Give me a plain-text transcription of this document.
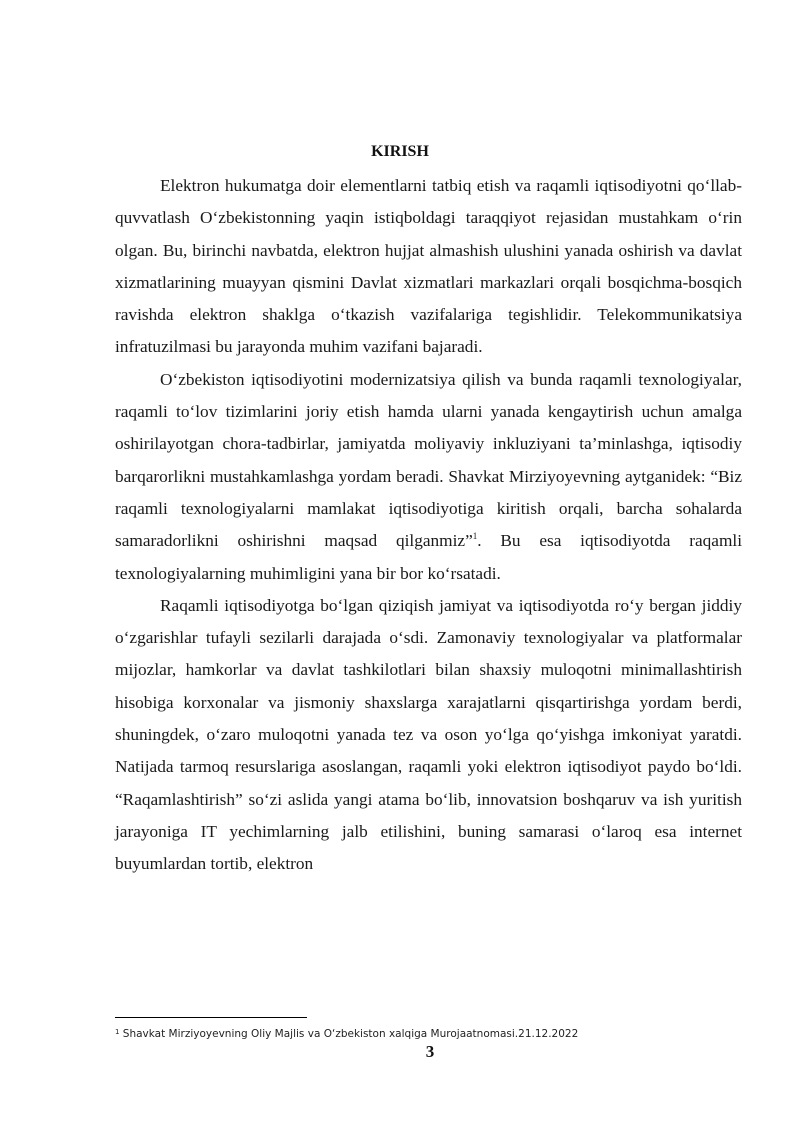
KIRISH

Elektron hukumatga doir elementlarni tatbiq etish va raqamli iqtisodiyotni qo‘llab-quvvatlash O‘zbekistonning yaqin istiqboldagi taraqqiyot rejasidan mustahkam o‘rin olgan. Bu, birinchi navbatda, elektron hujjat almashish ulushini yanada oshirish va davlat xizmatlarining muayyan qismini Davlat xizmatlari markazlari orqali bosqichma-bosqich ravishda elektron shaklga o‘tkazish vazifalariga tegishlidir. Telekommunikatsiya infratuzilmasi bu jarayonda muhim vazifani bajaradi.

O‘zbekiston iqtisodiyotini modernizatsiya qilish va bunda raqamli texnologiyalar, raqamli to‘lov tizimlarini joriy etish hamda ularni yanada kengaytirish uchun amalga oshirilayotgan chora-tadbirlar, jamiyatda moliyaviy inkluziyani ta’minlashga, iqtisodiy barqarorlikni mustahkamlashga yordam beradi. Shavkat Mirziyoyevning aytganidek: “Biz raqamli texnologiyalarni mamlakat iqtisodiyotiga kiritish orqali, barcha sohalarda samaradorlikni oshirishni maqsad qilganmiz”$^1$. Bu esa iqtisodiyotda raqamli texnologiyalarning muhimligini yana bir bor ko‘rsatadi.

Raqamli iqtisodiyotga bo‘lgan qiziqish jamiyat va iqtisodiyotda ro‘y bergan jiddiy o‘zgarishlar tufayli sezilarli darajada o‘sdi. Zamonaviy texnologiyalar va platformalar mijozlar, hamkorlar va davlat tashkilotlari bilan shaxsiy muloqotni minimallashtirish hisobiga korxonalar va jismoniy shaxslarga xarajatlarni qisqartirishga yordam berdi, shuningdek, o‘zaro muloqotni yanada tez va oson yo‘lga qo‘yishga imkoniyat yaratdi. Natijada tarmoq resurslariga asoslangan, raqamli yoki elektron iqtisodiyot paydo bo‘ldi. “Raqamlashtirish” so‘zi aslida yangi atama bo‘lib, innovatsion boshqaruv va ish yuritish jarayoniga IT yechimlarning jalb etilishini, buning samarasi o‘laroq esa internet buyumlardan tortib, elektron

$^1$ Shavkat Mirziyoyevning Oliy Majlis va O‘zbekiston xalqiga Murojaatnomasi.21.12.2022
3
